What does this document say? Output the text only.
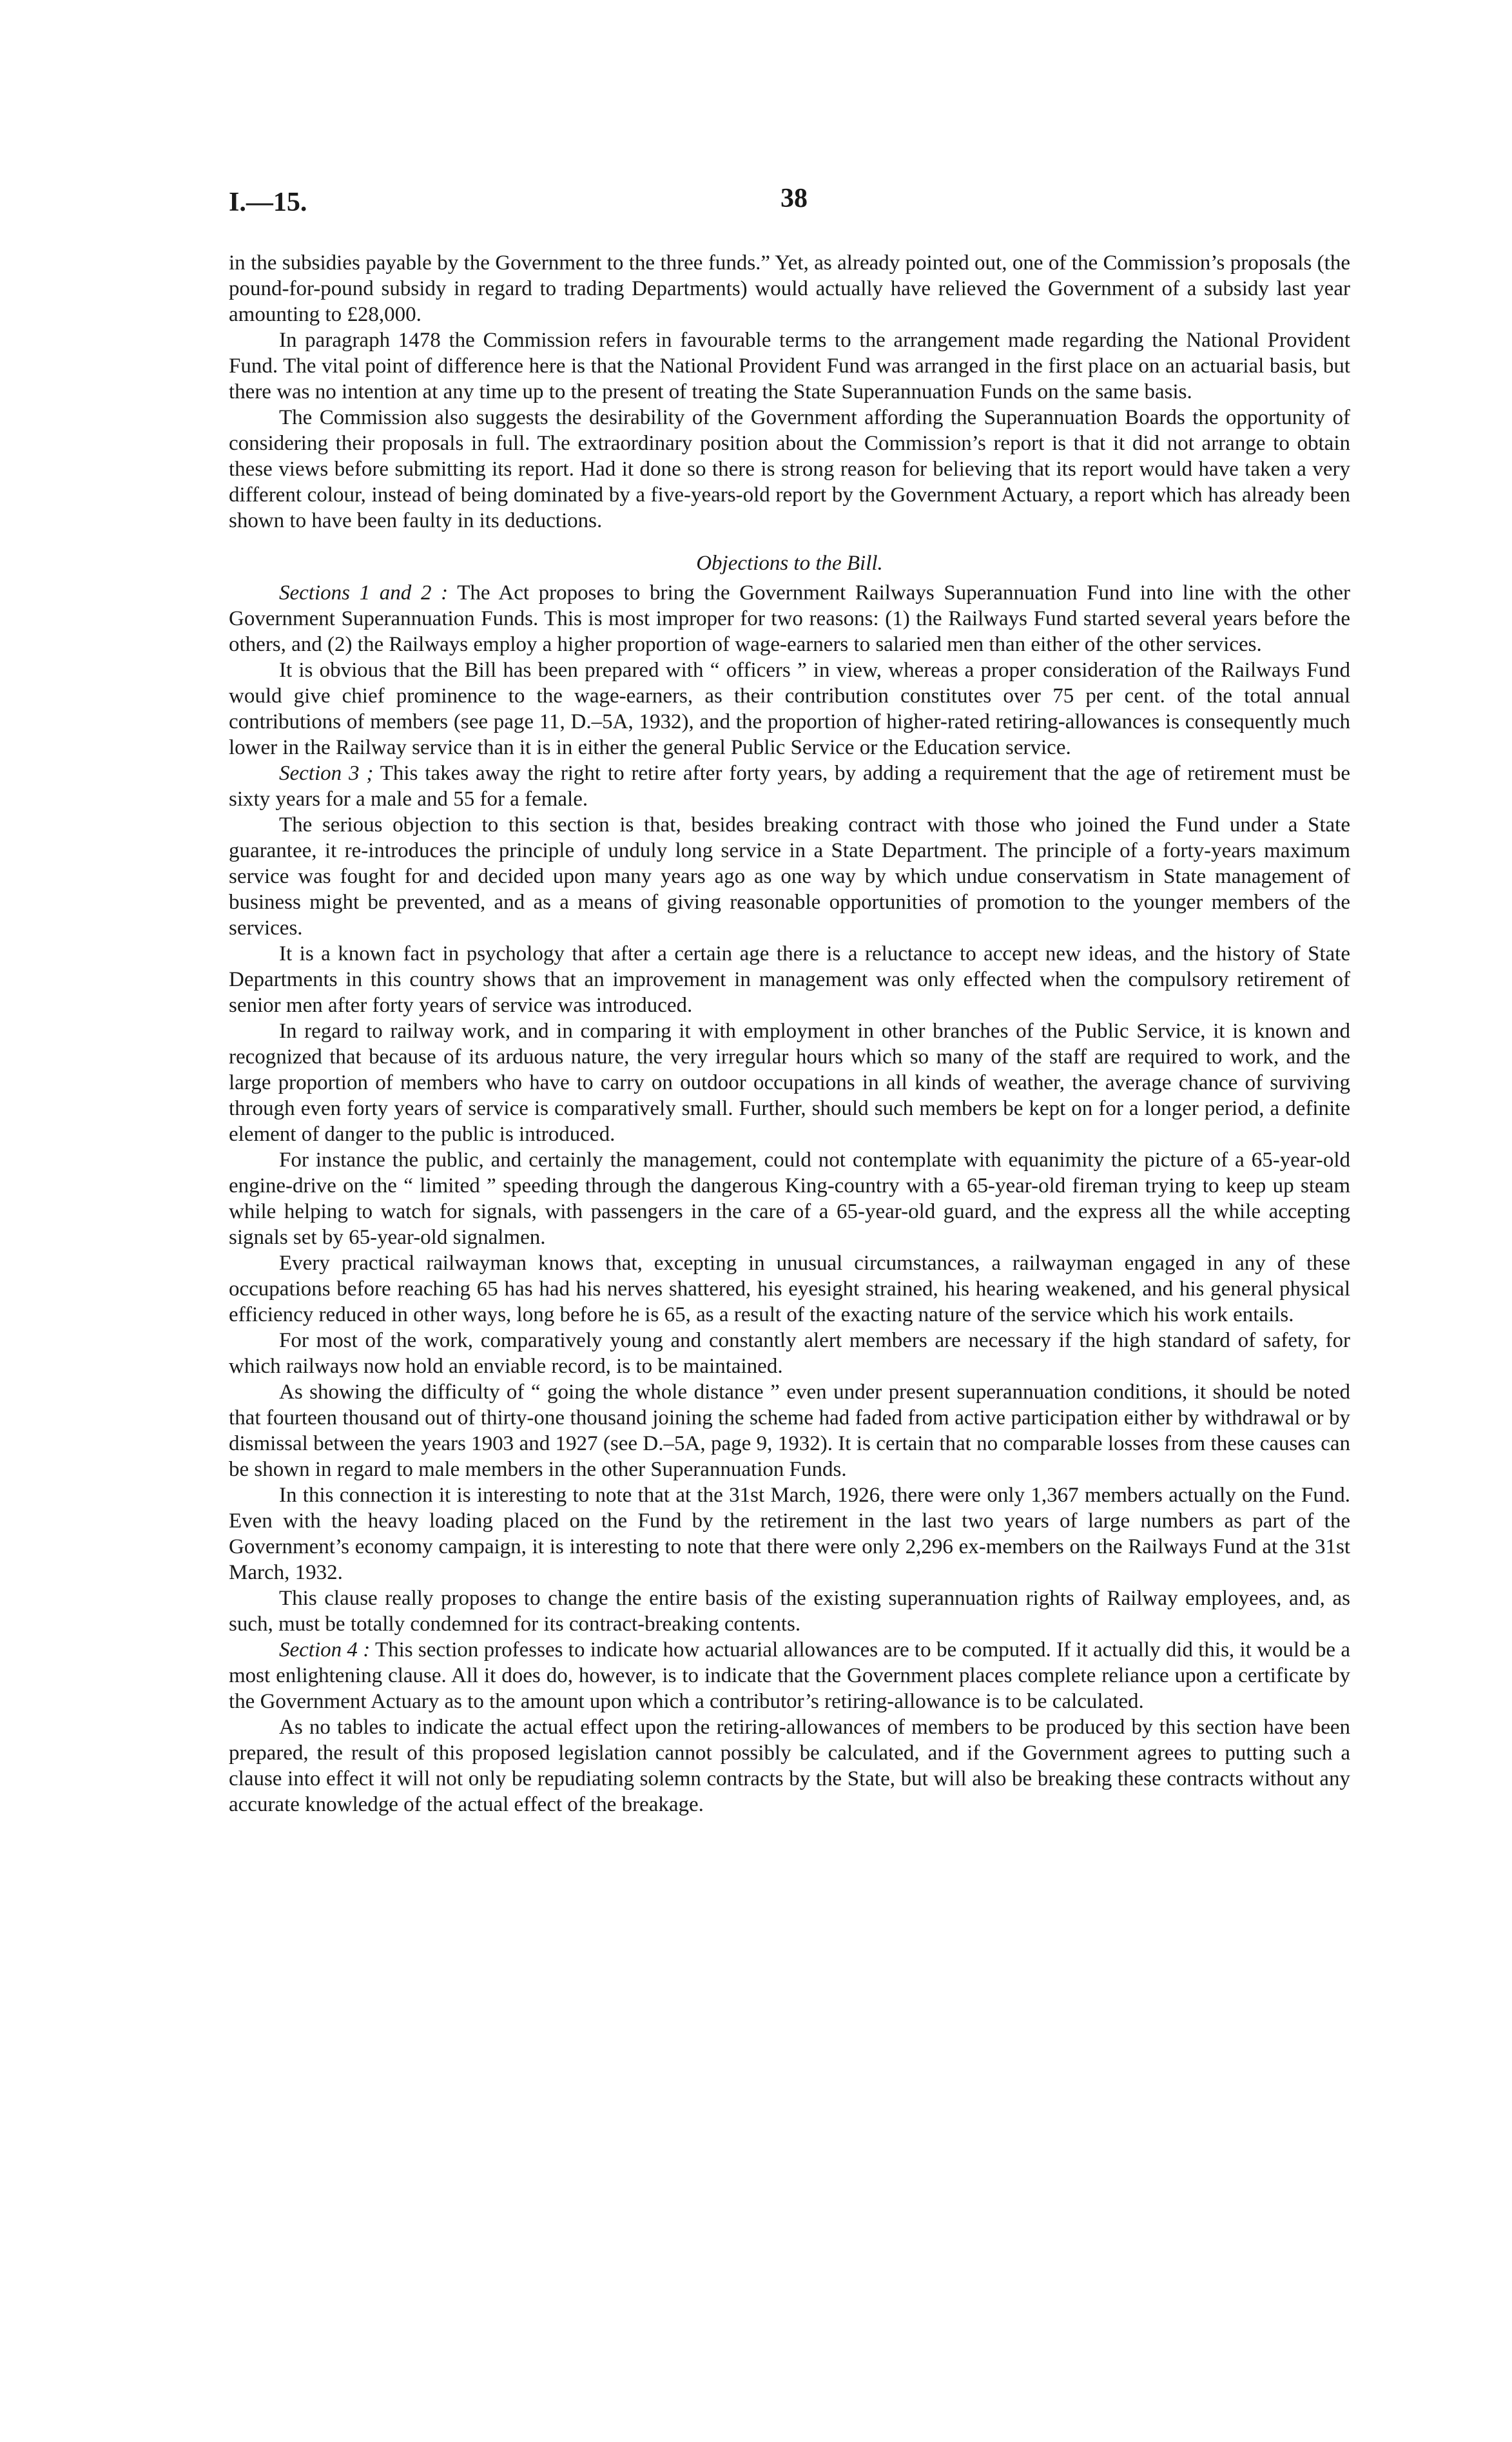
I.—15.	38

in the subsidies payable by the Government to the three funds.” Yet, as already pointed out, one of the Commission’s proposals (the pound-for-pound subsidy in regard to trading Departments) would actually have relieved the Government of a subsidy last year amounting to £28,000.

In paragraph 1478 the Commission refers in favourable terms to the arrangement made regarding the National Provident Fund. The vital point of difference here is that the National Provident Fund was arranged in the first place on an actuarial basis, but there was no intention at any time up to the present of treating the State Superannuation Funds on the same basis.

The Commission also suggests the desirability of the Government affording the Superannuation Boards the opportunity of considering their proposals in full. The extraordinary position about the Commission’s report is that it did not arrange to obtain these views before submitting its report. Had it done so there is strong reason for believing that its report would have taken a very different colour, instead of being dominated by a five-years-old report by the Government Actuary, a report which has already been shown to have been faulty in its deductions.

Objections to the Bill.

Sections 1 and 2 : The Act proposes to bring the Government Railways Superannuation Fund into line with the other Government Superannuation Funds. This is most improper for two reasons: (1) the Railways Fund started several years before the others, and (2) the Railways employ a higher proportion of wage-earners to salaried men than either of the other services.

It is obvious that the Bill has been prepared with “ officers ” in view, whereas a proper consideration of the Railways Fund would give chief prominence to the wage-earners, as their contribution constitutes over 75 per cent. of the total annual contributions of members (see page 11, D.–5A, 1932), and the proportion of higher-rated retiring-allowances is consequently much lower in the Railway service than it is in either the general Public Service or the Education service.

Section 3 ; This takes away the right to retire after forty years, by adding a requirement that the age of retirement must be sixty years for a male and 55 for a female.

The serious objection to this section is that, besides breaking contract with those who joined the Fund under a State guarantee, it re-introduces the principle of unduly long service in a State Department. The principle of a forty-years maximum service was fought for and decided upon many years ago as one way by which undue conservatism in State management of business might be prevented, and as a means of giving reasonable opportunities of promotion to the younger members of the services.

It is a known fact in psychology that after a certain age there is a reluctance to accept new ideas, and the history of State Departments in this country shows that an improvement in management was only effected when the compulsory retirement of senior men after forty years of service was introduced.

In regard to railway work, and in comparing it with employment in other branches of the Public Service, it is known and recognized that because of its arduous nature, the very irregular hours which so many of the staff are required to work, and the large proportion of members who have to carry on outdoor occupations in all kinds of weather, the average chance of surviving through even forty years of service is comparatively small. Further, should such members be kept on for a longer period, a definite element of danger to the public is introduced.

For instance the public, and certainly the management, could not contemplate with equanimity the picture of a 65-year-old engine-drive on the “ limited ” speeding through the dangerous King-country with a 65-year-old fireman trying to keep up steam while helping to watch for signals, with passengers in the care of a 65-year-old guard, and the express all the while accepting signals set by 65-year-old signalmen.

Every practical railwayman knows that, excepting in unusual circumstances, a railwayman engaged in any of these occupations before reaching 65 has had his nerves shattered, his eyesight strained, his hearing weakened, and his general physical efficiency reduced in other ways, long before he is 65, as a result of the exacting nature of the service which his work entails.

For most of the work, comparatively young and constantly alert members are necessary if the high standard of safety, for which railways now hold an enviable record, is to be maintained.

As showing the difficulty of “ going the whole distance ” even under present superannuation conditions, it should be noted that fourteen thousand out of thirty-one thousand joining the scheme had faded from active participation either by withdrawal or by dismissal between the years 1903 and 1927 (see D.–5A, page 9, 1932). It is certain that no comparable losses from these causes can be shown in regard to male members in the other Superannuation Funds.

In this connection it is interesting to note that at the 31st March, 1926, there were only 1,367 members actually on the Fund. Even with the heavy loading placed on the Fund by the retirement in the last two years of large numbers as part of the Government’s economy campaign, it is interesting to note that there were only 2,296 ex-members on the Railways Fund at the 31st March, 1932.

This clause really proposes to change the entire basis of the existing superannuation rights of Railway employees, and, as such, must be totally condemned for its contract-breaking contents.

Section 4 : This section professes to indicate how actuarial allowances are to be computed. If it actually did this, it would be a most enlightening clause. All it does do, however, is to indicate that the Government places complete reliance upon a certificate by the Government Actuary as to the amount upon which a contributor’s retiring-allowance is to be calculated.

As no tables to indicate the actual effect upon the retiring-allowances of members to be produced by this section have been prepared, the result of this proposed legislation cannot possibly be calculated, and if the Government agrees to putting such a clause into effect it will not only be repudiating solemn contracts by the State, but will also be breaking these contracts without any accurate knowledge of the actual effect of the breakage.
